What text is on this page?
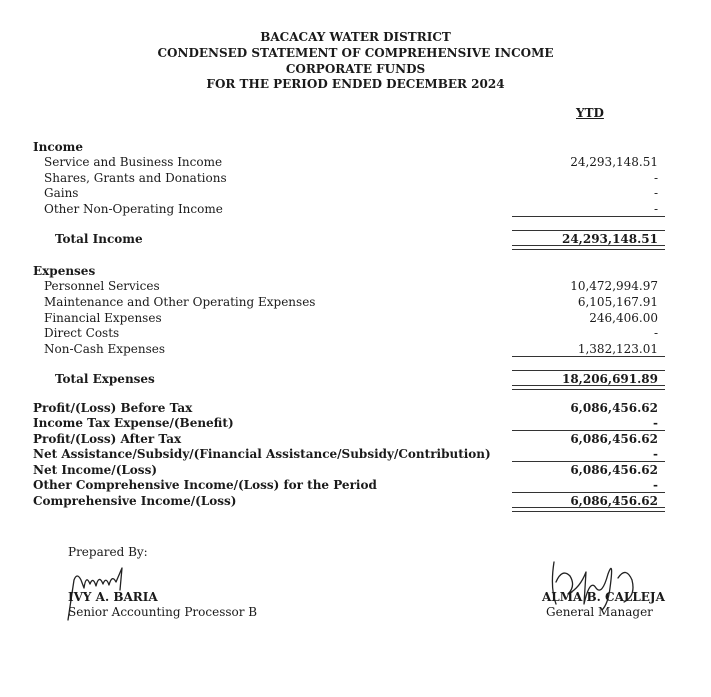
BACACAY WATER DISTRICT
CONDENSED STATEMENT OF COMPREHENSIVE INCOME
CORPORATE FUNDS
FOR THE PERIOD ENDED DECEMBER 2024
YTD
Income
Service and Business Income	24,293,148.51
Shares, Grants and Donations	-
Gains	-
Other Non-Operating Income	-
Total Income	24,293,148.51
Expenses
Personnel Services	10,472,994.97
Maintenance and Other Operating Expenses	6,105,167.91
Financial Expenses	246,406.00
Direct Costs	-
Non-Cash Expenses	1,382,123.01
Total Expenses	18,206,691.89
Profit/(Loss) Before Tax	6,086,456.62
Income Tax Expense/(Benefit)	-
Profit/(Loss) After Tax	6,086,456.62
Net Assistance/Subsidy/(Financial Assistance/Subsidy/Contribution)	-
Net Income/(Loss)	6,086,456.62
Other Comprehensive Income/(Loss) for the Period	-
Comprehensive Income/(Loss)	6,086,456.62
Prepared By:
IVY A. BARIA
Senior Accounting Processor B
ALMA B. CALLEJA
General Manager
